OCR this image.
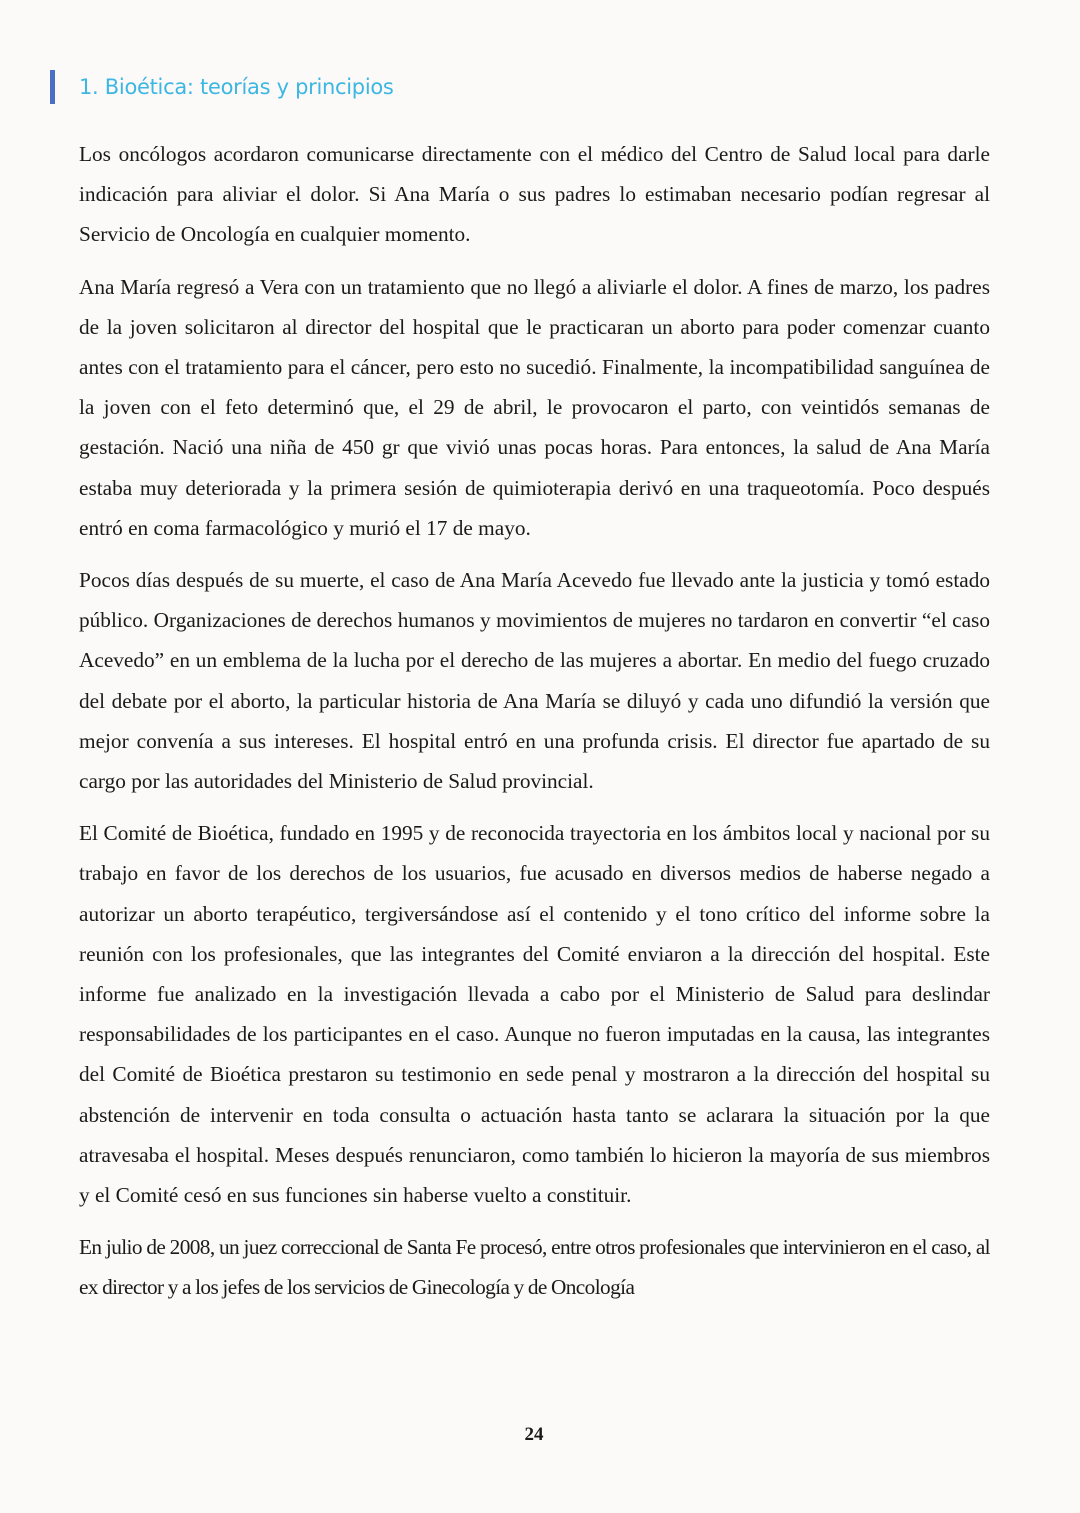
1. Bioética: teorías y principios

Los oncólogos acordaron comunicarse directamente con el médico del Centro de Salud local para darle indicación para aliviar el dolor. Si Ana María o sus padres lo estimaban necesario podían regresar al Servicio de Oncología en cualquier momento.

Ana María regresó a Vera con un tratamiento que no llegó a aliviarle el dolor. A fines de marzo, los padres de la joven solicitaron al director del hospital que le practicaran un aborto para poder comenzar cuanto antes con el tratamiento para el cáncer, pero esto no sucedió. Finalmente, la incompatibilidad sanguínea de la joven con el feto determinó que, el 29 de abril, le provocaron el parto, con veintidós semanas de gestación. Nació una niña de 450 gr que vivió unas pocas horas. Para entonces, la salud de Ana María estaba muy deteriorada y la primera sesión de quimioterapia derivó en una traqueotomía. Poco después entró en coma farmacológico y murió el 17 de mayo.

Pocos días después de su muerte, el caso de Ana María Acevedo fue llevado ante la justicia y tomó estado público. Organizaciones de derechos humanos y movimientos de mujeres no tardaron en convertir “el caso Acevedo” en un emblema de la lucha por el derecho de las mujeres a abortar. En medio del fuego cruzado del debate por el aborto, la particular historia de Ana María se diluyó y cada uno difundió la versión que mejor convenía a sus intereses. El hospital entró en una profunda crisis. El director fue apartado de su cargo por las autoridades del Ministerio de Salud provincial.

El Comité de Bioética, fundado en 1995 y de reconocida trayectoria en los ámbitos local y nacional por su trabajo en favor de los derechos de los usuarios, fue acusado en diversos medios de haberse negado a autorizar un aborto terapéutico, tergiversándose así el contenido y el tono crítico del informe sobre la reunión con los profesionales, que las integrantes del Comité enviaron a la dirección del hospital. Este informe fue analizado en la investigación llevada a cabo por el Ministerio de Salud para deslindar responsabilidades de los participantes en el caso. Aunque no fueron imputadas en la causa, las integrantes del Comité de Bioética prestaron su testimonio en sede penal y mostraron a la dirección del hospital su abstención de intervenir en toda consulta o actuación hasta tanto se aclarara la situación por la que atravesaba el hospital. Meses después renunciaron, como también lo hicieron la mayoría de sus miembros y el Comité cesó en sus funciones sin haberse vuelto a constituir.

En julio de 2008, un juez correccional de Santa Fe procesó, entre otros profesionales que intervinieron en el caso, al ex director y a los jefes de los servicios de Ginecología y de Oncología

24
